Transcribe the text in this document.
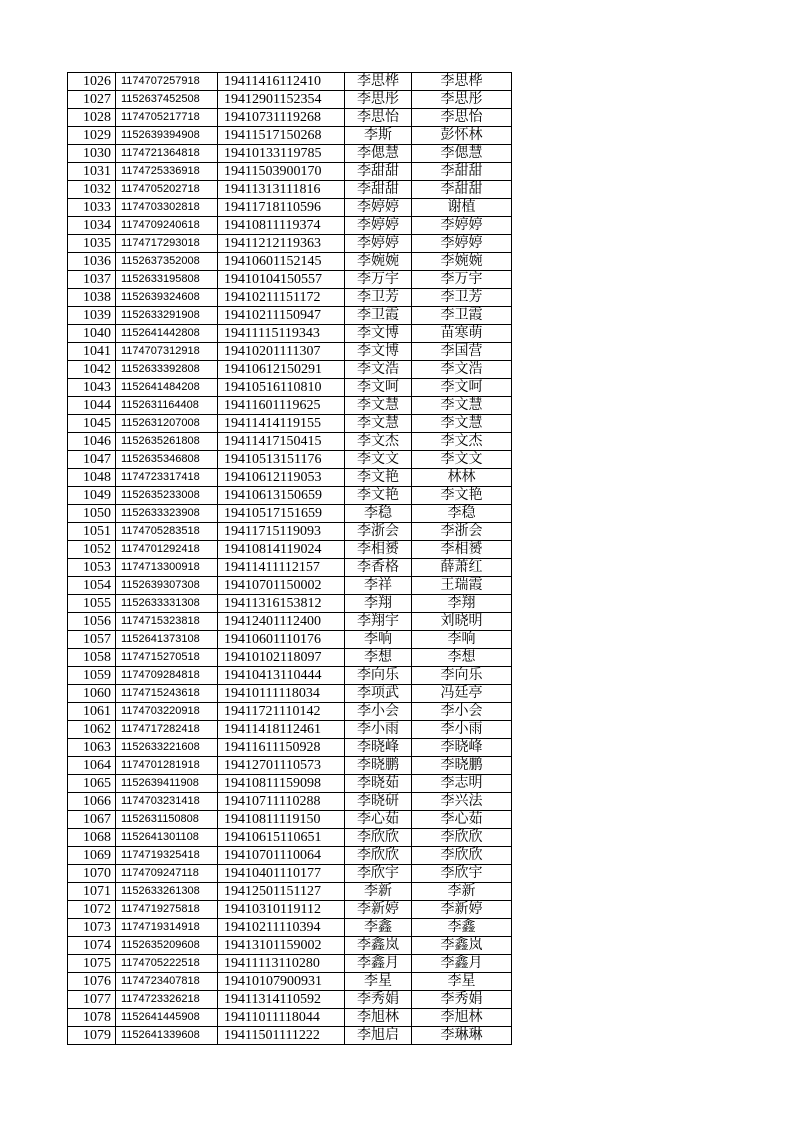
1026	1174707257918	19411416112410	李思桦	李思桦
1027	1152637452508	19412901152354	李思彤	李思彤
1028	1174705217718	19410731119268	李思怡	李思怡
1029	1152639394908	19411517150268	李斯	彭怀林
1030	1174721364818	19410133119785	李偲慧	李偲慧
1031	1174725336918	19411503900170	李甜甜	李甜甜
1032	1174705202718	19411313111816	李甜甜	李甜甜
1033	1174703302818	19411718110596	李婷婷	谢植
1034	1174709240618	19410811119374	李婷婷	李婷婷
1035	1174717293018	19411212119363	李婷婷	李婷婷
1036	1152637352008	19410601152145	李婉婉	李婉婉
1037	1152633195808	19410104150557	李万宇	李万宇
1038	1152639324608	19410211151172	李卫芳	李卫芳
1039	1152633291908	19410211150947	李卫霞	李卫霞
1040	1152641442808	19411115119343	李文博	苗寒萌
1041	1174707312918	19410201111307	李文博	李国营
1042	1152633392808	19410612150291	李文浩	李文浩
1043	1152641484208	19410516110810	李文呵	李文呵
1044	1152631164408	19411601119625	李文慧	李文慧
1045	1152631207008	19411414119155	李文慧	李文慧
1046	1152635261808	19411417150415	李文杰	李文杰
1047	1152635346808	19410513151176	李文文	李文文
1048	1174723317418	19410612119053	李文艳	林林
1049	1152635233008	19410613150659	李文艳	李文艳
1050	1152633323908	19410517151659	李稳	李稳
1051	1174705283518	19411715119093	李浙会	李浙会
1052	1174701292418	19410814119024	李相赟	李相赟
1053	1174713300918	19411411112157	李香格	薛萧红
1054	1152639307308	19410701150002	李祥	王瑞霞
1055	1152633331308	19411316153812	李翔	李翔
1056	1174715323818	19412401112400	李翔宇	刘晓明
1057	1152641373108	19410601110176	李响	李响
1058	1174715270518	19410102118097	李想	李想
1059	1174709284818	19410413110444	李向乐	李向乐
1060	1174715243618	19410111118034	李项武	冯廷亭
1061	1174703220918	19411721110142	李小会	李小会
1062	1174717282418	19411418112461	李小雨	李小雨
1063	1152633221608	19411611150928	李晓峰	李晓峰
1064	1174701281918	19412701110573	李晓鹏	李晓鹏
1065	1152639411908	19410811159098	李晓茹	李志明
1066	1174703231418	19410711110288	李晓研	李兴法
1067	1152631150808	19410811119150	李心茹	李心茹
1068	1152641301108	19410615110651	李欣欣	李欣欣
1069	1174719325418	19410701110064	李欣欣	李欣欣
1070	1174709247118	19410401110177	李欣宇	李欣宇
1071	1152633261308	19412501151127	李新	李新
1072	1174719275818	19410310119112	李新婷	李新婷
1073	1174719314918	19410211110394	李鑫	李鑫
1074	1152635209608	19413101159002	李鑫岚	李鑫岚
1075	1174705222518	19411113110280	李鑫月	李鑫月
1076	1174723407818	19410107900931	李星	李星
1077	1174723326218	19411314110592	李秀娟	李秀娟
1078	1152641445908	19411011118044	李旭林	李旭林
1079	1152641339608	19411501111222	李旭启	李琳琳
